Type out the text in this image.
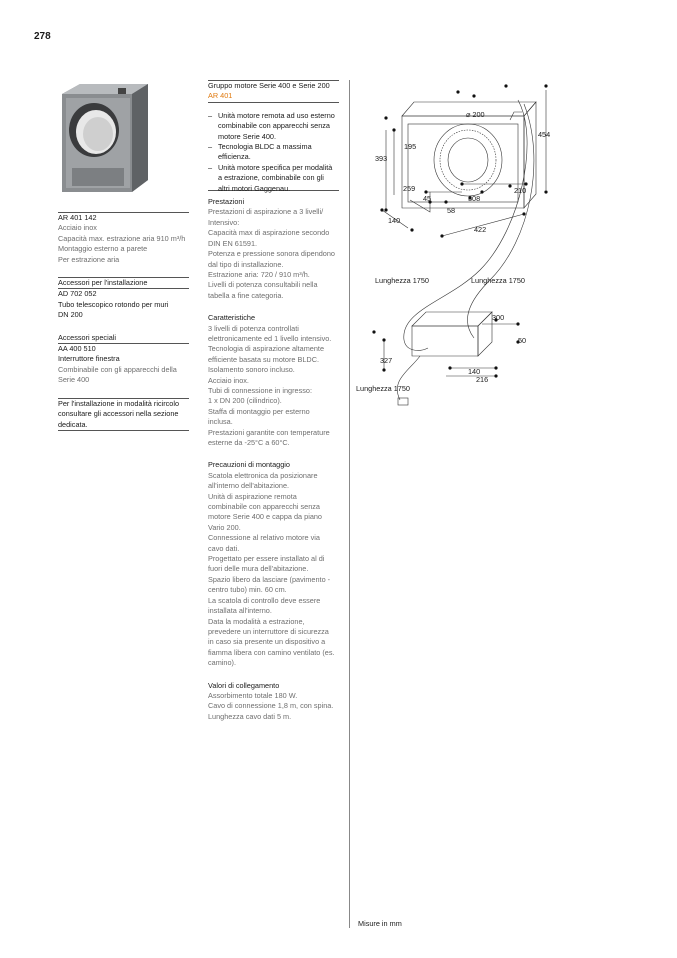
278
AR 401 142
Acciaio inox
Capacità max. estrazione aria 910 m³/h
Montaggio esterno a parete
Per estrazione aria
Accessori per l'installazione
AD 702 052
Tubo telescopico rotondo per muri
DN 200
Accessori speciali
AA 400 510
Interruttore finestra
Combinabile con gli apparecchi della
Serie 400
Per l'installazione in modalità ricircolo
consultare gli accessori nella sezione
dedicata.
Gruppo motore Serie 400 e Serie 200
AR 401
– Unità motore remota ad uso esterno
combinabile con apparecchi senza
motore Serie 400.
– Tecnologia BLDC a massima
efficienza.
– Unità motore specifica per modalità
a estrazione, combinabile con gli
altri motori Gaggenau.
Prestazioni
Prestazioni di aspirazione a 3 livelli/
Intensivo:
Capacità max di aspirazione secondo
DIN EN 61591.
Potenza e pressione sonora dipendono
dal tipo di installazione.
Estrazione aria: 720 / 910 m³/h.
Livelli di potenza consultabili nella
tabella a fine categoria.
Caratteristiche
3 livelli di potenza controllati
elettronicamente ed 1 livello intensivo.
Tecnologia di aspirazione altamente
efficiente basata su motore BLDC.
Isolamento sonoro incluso.
Acciaio inox.
Tubi di connessione in ingresso:
1 x DN 200 (cilindrico).
Staffa di montaggio per esterno
inclusa.
Prestazioni garantite con temperature
esterne da -25°C a 60°C.
Precauzioni di montaggio
Scatola elettronica da posizionare
all'interno dell'abitazione.
Unità di aspirazione remota
combinabile con apparecchi senza
motore Serie 400 e cappa da piano
Vario 200.
Connessione al relativo motore via
cavo dati.
Progettato per essere installato al di
fuori delle mura dell'abitazione.
Spazio libero da lasciare (pavimento -
centro tubo) min. 60 cm.
La scatola di controllo deve essere
installata all'interno.
Data la modalità a estrazione,
prevedere un interruttore di sicurezza
in caso sia presente un dispositivo a
fiamma libera con camino ventilato (es.
camino).
Valori di collegamento
Assorbimento totale 180 W.
Cavo di connessione 1,8 m, con spina.
Lunghezza cavo dati 5 m.
⌀ 200
454
195
393
259	210
308
45
58
140
422
Lunghezza 1750	Lunghezza 1750
300
50
327
140
216
Lunghezza 1750
Misure in mm
